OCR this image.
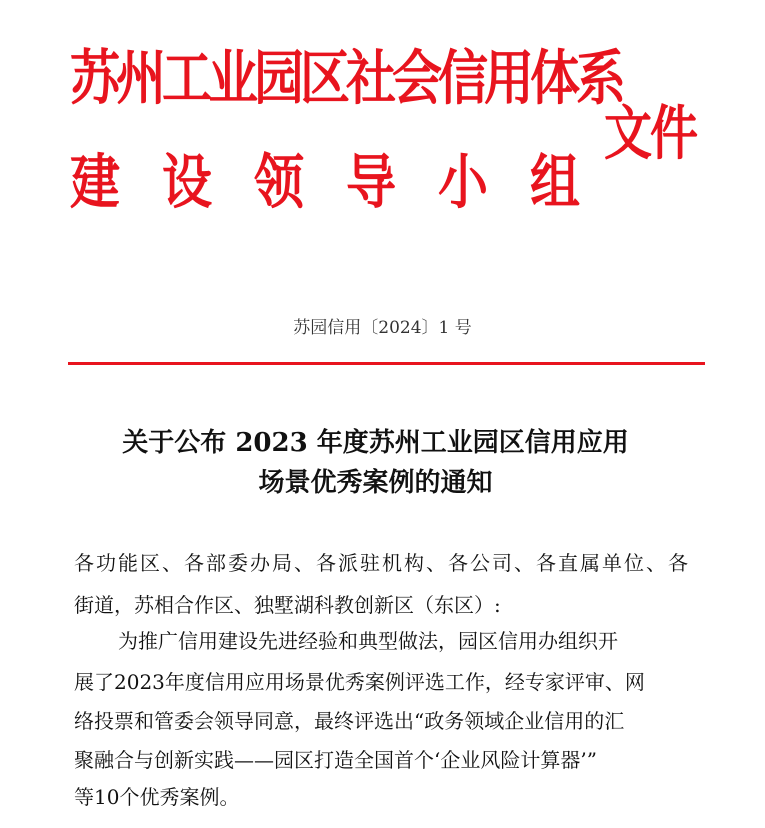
苏州工业园区社会信用体系
建设领导小组
文件
苏园信用〔2024〕1 号
关于公布 2023 年度苏州工业园区信用应用
场景优秀案例的通知
各功能区、各部委办局、各派驻机构、各公司、各直属单位、各
街道，苏相合作区、独墅湖科教创新区（东区）:
为推广信用建设先进经验和典型做法，园区信用办组织开
展了2023年度信用应用场景优秀案例评选工作，经专家评审、网
络投票和管委会领导同意，最终评选出“政务领域企业信用的汇
聚融合与创新实践——园区打造全国首个‘企业风险计算器’”
等10个优秀案例。
